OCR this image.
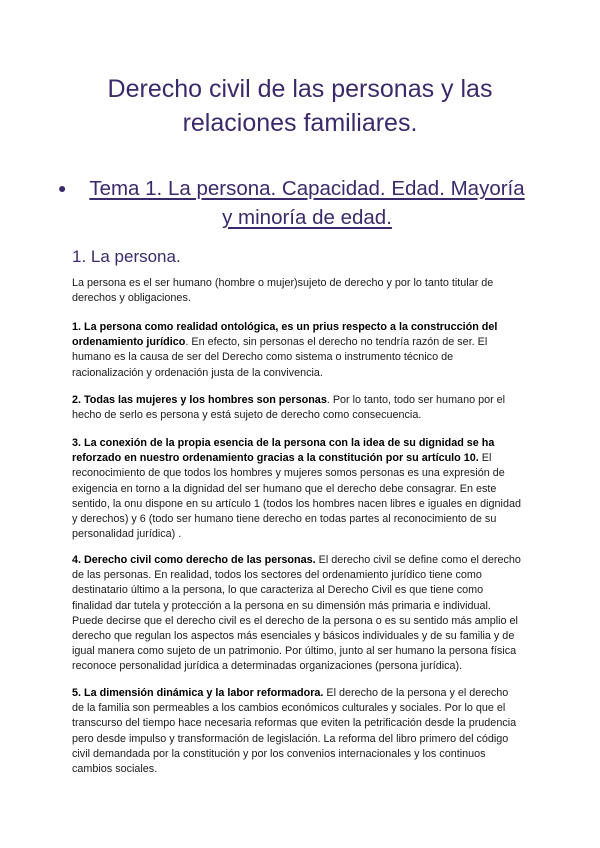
Derecho civil de las personas y las
relaciones familiares.
●	Tema 1. La persona. Capacidad. Edad. Mayoría
y minoría de edad.
1. La persona.

La persona es el ser humano (hombre o mujer)sujeto de derecho y por lo tanto titular de derechos y obligaciones.

1. La persona como realidad ontológica, es un prius respecto a la construcción del ordenamiento jurídico. En efecto, sin personas el derecho no tendría razón de ser. El humano es la causa de ser del Derecho como sistema o instrumento técnico de racionalización y ordenación justa de la convivencia.

2. Todas las mujeres y los hombres son personas. Por lo tanto, todo ser humano por el hecho de serlo es persona y está sujeto de derecho como consecuencia.

3. La conexión de la propia esencia de la persona con la idea de su dignidad se ha reforzado en nuestro ordenamiento gracias a la constitución por su artículo 10. El reconocimiento de que todos los hombres y mujeres somos personas es una expresión de exigencia en torno a la dignidad del ser humano que el derecho debe consagrar. En este sentido, la onu dispone en su artículo 1 (todos los hombres nacen libres e iguales en dignidad y derechos) y 6 (todo ser humano tiene derecho en todas partes al reconocimiento de su personalidad jurídica) .

4. Derecho civil como derecho de las personas. El derecho civil se define como el derecho de las personas. En realidad, todos los sectores del ordenamiento jurídico tiene como destinatario último a la persona, lo que caracteriza al Derecho Civil es que tiene como finalidad dar tutela y protección a la persona en su dimensión más primaria e individual. Puede decirse que el derecho civil es el derecho de la persona o es su sentido más amplio el derecho que regulan los aspectos más esenciales y básicos individuales y de su familia y de igual manera como sujeto de un patrimonio. Por último, junto al ser humano la persona física reconoce personalidad jurídica a determinadas organizaciones (persona jurídica).

5. La dimensión dinámica y la labor reformadora. El derecho de la persona y el derecho de la familia son permeables a los cambios económicos culturales y sociales. Por lo que el transcurso del tiempo hace necesaria reformas que eviten la petrificación desde la prudencia pero desde impulso y transformación de legislación. La reforma del libro primero del código civil demandada por la constitución y por los convenios internacionales y los continuos cambios sociales.
